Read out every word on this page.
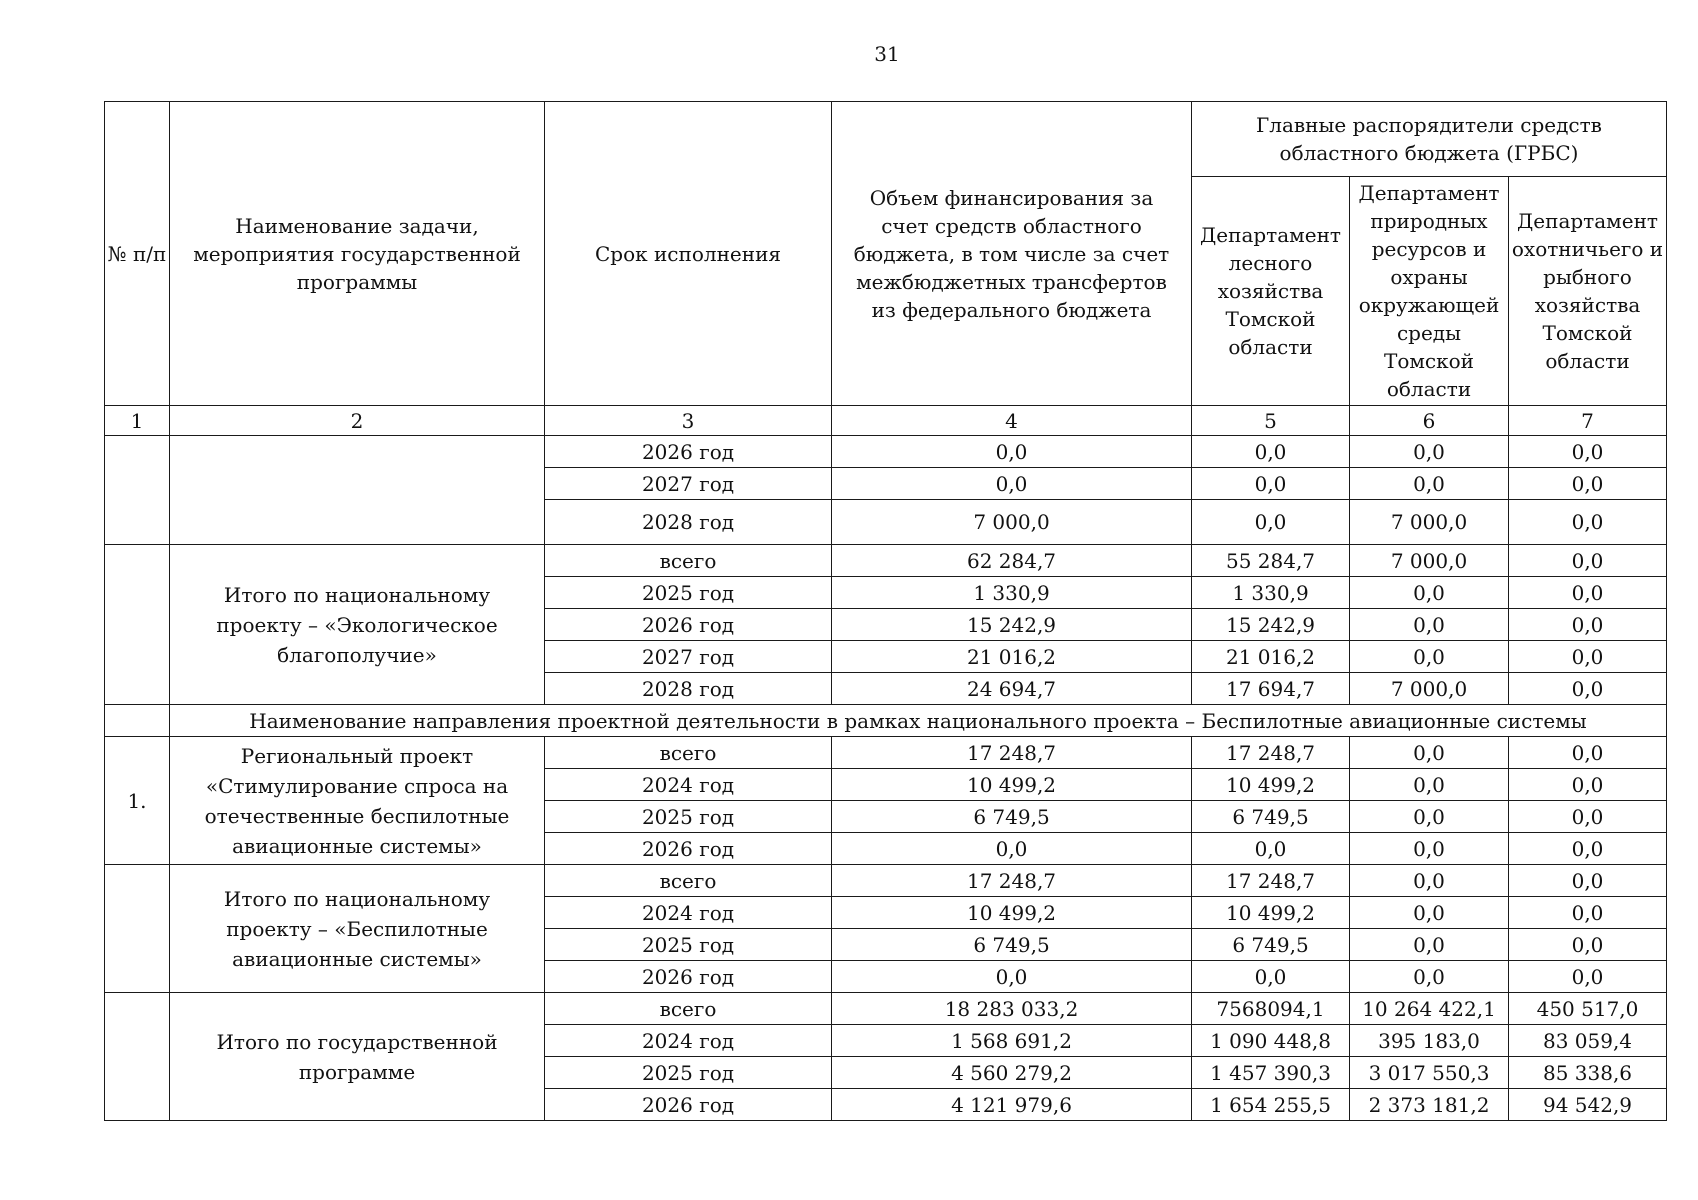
31
№ п/п	Наименование задачи, мероприятия государственной программы	Срок исполнения	Объем финансирования за счет средств областного бюджета, в том числе за счет межбюджетных трансфертов из федерального бюджета	Главные распорядители средств областного бюджета (ГРБС)		
				Департамент лесного хозяйства Томской области	Департамент природных ресурсов и охраны окружающей среды Томской области	Департамент охотничьего и рыбного хозяйства Томской области
1	2	3	4	5	6	7
		2026 год	0,0	0,0	0,0	0,0
		2027 год	0,0	0,0	0,0	0,0
		2028 год	7 000,0	0,0	7 000,0	0,0
	Итого по национальному проекту – «Экологическое благополучие»	всего	62 284,7	55 284,7	7 000,0	0,0
		2025 год	1 330,9	1 330,9	0,0	0,0
		2026 год	15 242,9	15 242,9	0,0	0,0
		2027 год	21 016,2	21 016,2	0,0	0,0
		2028 год	24 694,7	17 694,7	7 000,0	0,0
	Наименование направления проектной деятельности в рамках национального проекта – Беспилотные авиационные системы					
1.	Региональный проект «Стимулирование спроса на отечественные беспилотные авиационные системы»	всего	17 248,7	17 248,7	0,0	0,0
		2024 год	10 499,2	10 499,2	0,0	0,0
		2025 год	6 749,5	6 749,5	0,0	0,0
		2026 год	0,0	0,0	0,0	0,0
	Итого по национальному проекту – «Беспилотные авиационные системы»	всего	17 248,7	17 248,7	0,0	0,0
		2024 год	10 499,2	10 499,2	0,0	0,0
		2025 год	6 749,5	6 749,5	0,0	0,0
		2026 год	0,0	0,0	0,0	0,0
	Итого по государственной программе	всего	18 283 033,2	7568094,1	10 264 422,1	450 517,0
		2024 год	1 568 691,2	1 090 448,8	395 183,0	83 059,4
		2025 год	4 560 279,2	1 457 390,3	3 017 550,3	85 338,6
		2026 год	4 121 979,6	1 654 255,5	2 373 181,2	94 542,9
